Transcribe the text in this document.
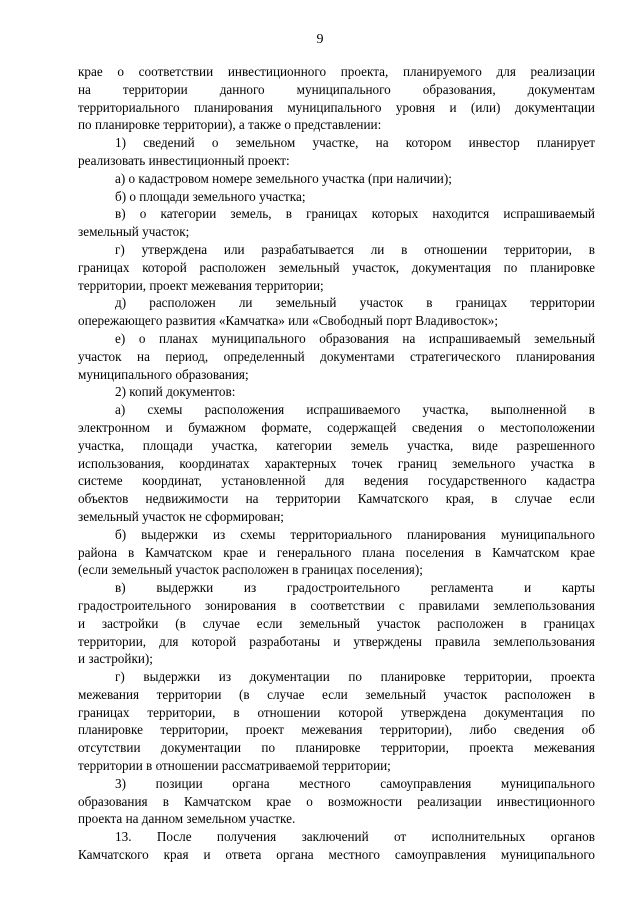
9
крае о соответствии инвестиционного проекта, планируемого для реализации
на территории данного муниципального образования, документам
территориального планирования муниципального уровня и (или) документации
по планировке территории), а также о представлении:
1) сведений о земельном участке, на котором инвестор планирует
реализовать инвестиционный проект:
а) о кадастровом номере земельного участка (при наличии);
б) о площади земельного участка;
в) о категории земель, в границах которых находится испрашиваемый
земельный участок;
г) утверждена или разрабатывается ли в отношении территории, в
границах которой расположен земельный участок, документация по планировке
территории, проект межевания территории;
д) расположен ли земельный участок в границах территории
опережающего развития «Камчатка» или «Свободный порт Владивосток»;
е) о планах муниципального образования на испрашиваемый земельный
участок на период, определенный документами стратегического планирования
муниципального образования;
2) копий документов:
а) схемы расположения испрашиваемого участка, выполненной в
электронном и бумажном формате, содержащей сведения о местоположении
участка, площади участка, категории земель участка, виде разрешенного
использования, координатах характерных точек границ земельного участка в
системе координат, установленной для ведения государственного кадастра
объектов недвижимости на территории Камчатского края, в случае если
земельный участок не сформирован;
б) выдержки из схемы территориального планирования муниципального
района в Камчатском крае и генерального плана поселения в Камчатском крае
(если земельный участок расположен в границах поселения);
в) выдержки из градостроительного регламента и карты
градостроительного зонирования в соответствии с правилами землепользования
и застройки (в случае если земельный участок расположен в границах
территории, для которой разработаны и утверждены правила землепользования
и застройки);
г) выдержки из документации по планировке территории, проекта
межевания территории (в случае если земельный участок расположен в
границах территории, в отношении которой утверждена документация по
планировке территории, проект межевания территории), либо сведения об
отсутствии документации по планировке территории, проекта межевания
территории в отношении рассматриваемой территории;
3) позиции органа местного самоуправления муниципального
образования в Камчатском крае о возможности реализации инвестиционного
проекта на данном земельном участке.
13. После получения заключений от исполнительных органов
Камчатского края и ответа органа местного самоуправления муниципального
